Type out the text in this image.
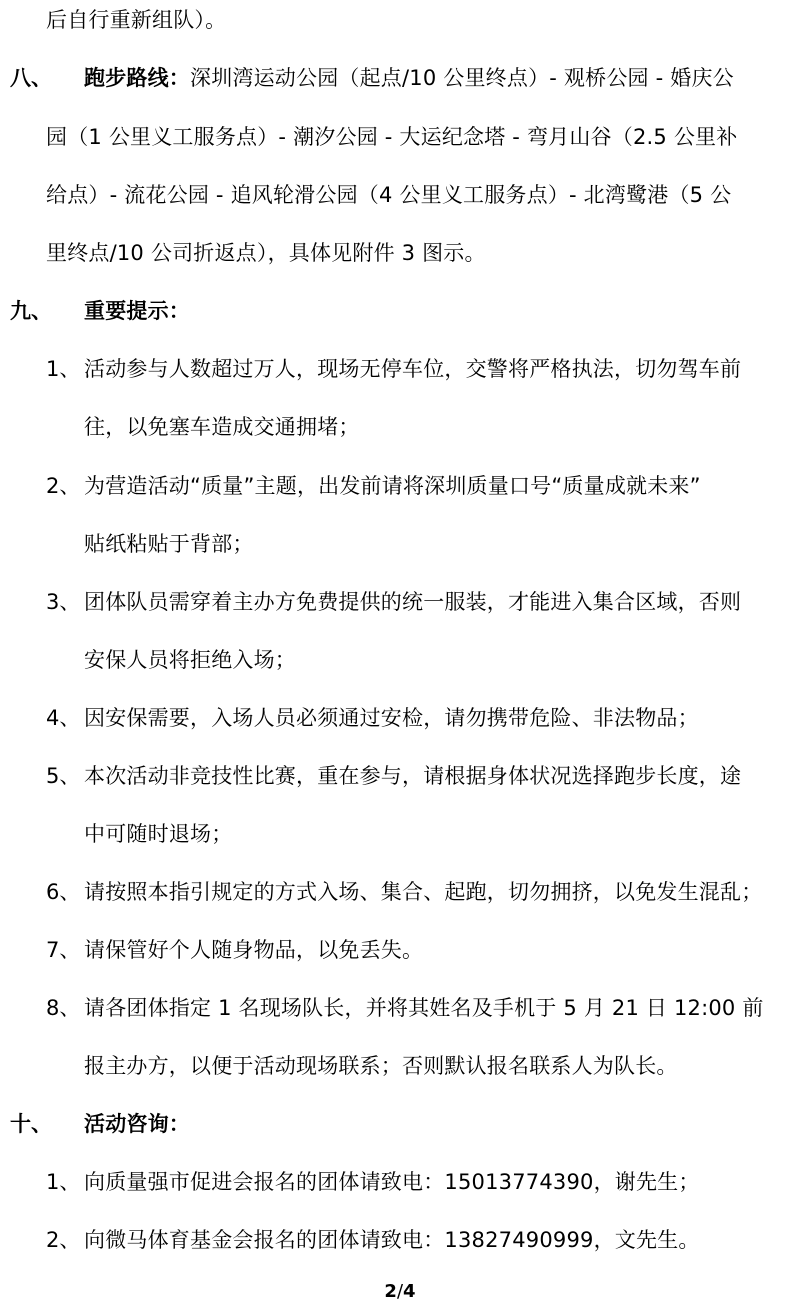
后自行重新组队）。
八、 跑步路线：深圳湾运动公园（起点/10 公里终点）- 观桥公园 - 婚庆公
园（1 公里义工服务点）- 潮汐公园 - 大运纪念塔 - 弯月山谷（2.5 公里补
给点）- 流花公园 - 追风轮滑公园（4 公里义工服务点）- 北湾鹭港（5 公
里终点/10 公司折返点），具体见附件 3 图示。
九、 重要提示：
1、 活动参与人数超过万人，现场无停车位，交警将严格执法，切勿驾车前
往，以免塞车造成交通拥堵；
2、 为营造活动“质量”主题，出发前请将深圳质量口号“质量成就未来”
贴纸粘贴于背部；
3、 团体队员需穿着主办方免费提供的统一服装，才能进入集合区域，否则
安保人员将拒绝入场；
4、 因安保需要，入场人员必须通过安检，请勿携带危险、非法物品；
5、 本次活动非竞技性比赛，重在参与，请根据身体状况选择跑步长度，途
中可随时退场；
6、 请按照本指引规定的方式入场、集合、起跑，切勿拥挤，以免发生混乱；
7、 请保管好个人随身物品，以免丢失。
8、 请各团体指定 1 名现场队长，并将其姓名及手机于 5 月 21 日 12:00 前
报主办方，以便于活动现场联系；否则默认报名联系人为队长。
十、 活动咨询：
1、 向质量强市促进会报名的团体请致电：15013774390，谢先生；
2、 向微马体育基金会报名的团体请致电：13827490999，文先生。
2/4
